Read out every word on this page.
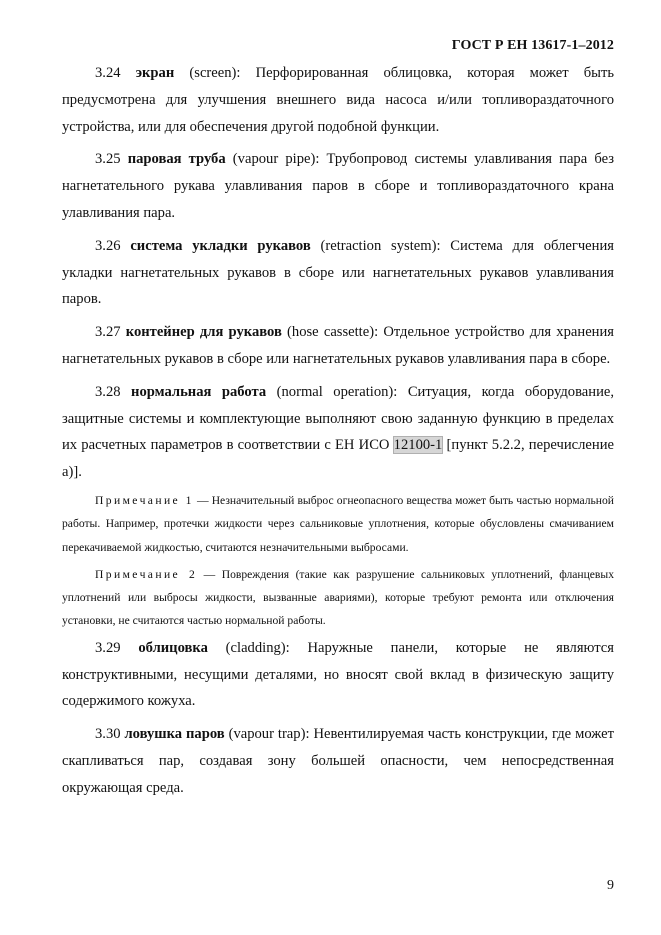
ГОСТ Р ЕН 13617-1–2012

3.24 экран (screen): Перфорированная облицовка, которая может быть предусмотрена для улучшения внешнего вида насоса и/или топливораздаточного устройства, или для обеспечения другой подобной функции.

3.25 паровая труба (vapour pipe): Трубопровод системы улавливания пара без нагнетательного рукава улавливания паров в сборе и топливораздаточного крана улавливания пара.

3.26 система укладки рукавов (retraction system): Система для облегчения укладки нагнетательных рукавов в сборе или нагнетательных рукавов улавливания паров.

3.27 контейнер для рукавов (hose cassette): Отдельное устройство для хранения нагнетательных рукавов в сборе или нагнетательных рукавов улавливания пара в сборе.

3.28 нормальная работа (normal operation): Ситуация, когда оборудование, защитные системы и комплектующие выполняют свою заданную функцию в пределах их расчетных параметров в соответствии с ЕН ИСО 12100-1 [пункт 5.2.2, перечисление а)].

Примечание 1 — Незначительный выброс огнеопасного вещества может быть частью нормальной работы. Например, протечки жидкости через сальниковые уплотнения, которые обусловлены смачиванием перекачиваемой жидкостью, считаются незначительными выбросами.

Примечание 2 — Повреждения (такие как разрушение сальниковых уплотнений, фланцевых уплотнений или выбросы жидкости, вызванные авариями), которые требуют ремонта или отключения установки, не считаются частью нормальной работы.

3.29 облицовка (cladding): Наружные панели, которые не являются конструктивными, несущими деталями, но вносят свой вклад в физическую защиту содержимого кожуха.

3.30 ловушка паров (vapour trap): Невентилируемая часть конструкции, где может скапливаться пар, создавая зону большей опасности, чем непосредственная окружающая среда.

9
